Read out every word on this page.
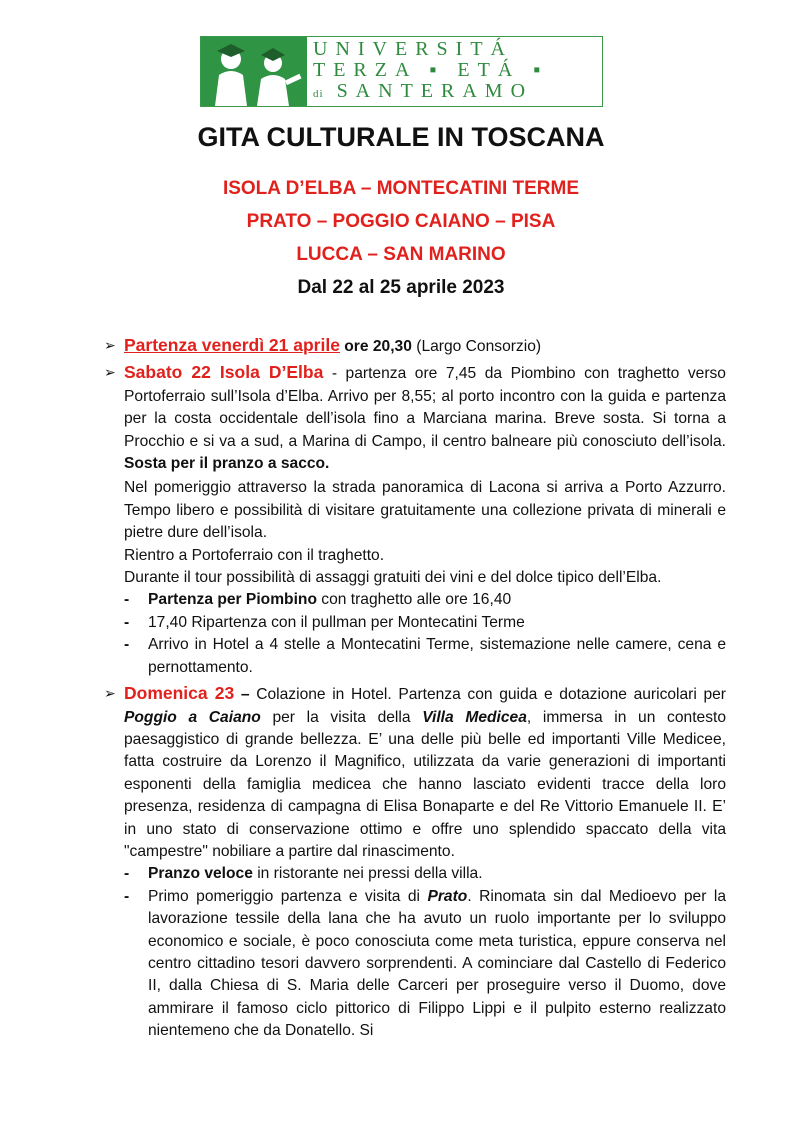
UNIVERSITÁ
TERZA ▪ ETÁ ▪
di SANTERAMO
GITA CULTURALE IN TOSCANA
ISOLA D’ELBA – MONTECATINI TERME
PRATO – POGGIO CAIANO – PISA
LUCCA – SAN MARINO
Dal 22 al 25 aprile 2023
➢ Partenza venerdì 21 aprile ore 20,30 (Largo Consorzio)
➢ Sabato 22 Isola D’Elba - partenza ore 7,45 da Piombino con traghetto verso Portoferraio sull’Isola d’Elba. Arrivo per 8,55; al porto incontro con la guida e partenza per la costa occidentale dell’isola fino a Marciana marina. Breve sosta. Si torna a Procchio e si va a sud, a Marina di Campo, il centro balneare più conosciuto dell’isola. Sosta per il pranzo a sacco.

Nel pomeriggio attraverso la strada panoramica di Lacona si arriva a Porto Azzurro. Tempo libero e possibilità di visitare gratuitamente una collezione privata di minerali e pietre dure dell’isola.

Rientro a Portoferraio con il traghetto.

Durante il tour possibilità di assaggi gratuiti dei vini e del dolce tipico dell’Elba.

- Partenza per Piombino con traghetto alle ore 16,40
- 17,40 Ripartenza con il pullman per Montecatini Terme
- Arrivo in Hotel a 4 stelle a Montecatini Terme, sistemazione nelle camere, cena e pernottamento.
➢ Domenica 23 – Colazione in Hotel. Partenza con guida e dotazione auricolari per Poggio a Caiano per la visita della Villa Medicea, immersa in un contesto paesaggistico di grande bellezza. E’ una delle più belle ed importanti Ville Medicee, fatta costruire da Lorenzo il Magnifico, utilizzata da varie generazioni di importanti esponenti della famiglia medicea che hanno lasciato evidenti tracce della loro presenza, residenza di campagna di Elisa Bonaparte e del Re Vittorio Emanuele II. E’ in uno stato di conservazione ottimo e offre uno splendido spaccato della vita "campestre" nobiliare a partire dal rinascimento.

- Pranzo veloce in ristorante nei pressi della villa.
- Primo pomeriggio partenza e visita di Prato. Rinomata sin dal Medioevo per la lavorazione tessile della lana che ha avuto un ruolo importante per lo sviluppo economico e sociale, è poco conosciuta come meta turistica, eppure conserva nel centro cittadino tesori davvero sorprendenti. A cominciare dal Castello di Federico II, dalla Chiesa di S. Maria delle Carceri per proseguire verso il Duomo, dove ammirare il famoso ciclo pittorico di Filippo Lippi e il pulpito esterno realizzato nientemeno che da Donatello. Si
